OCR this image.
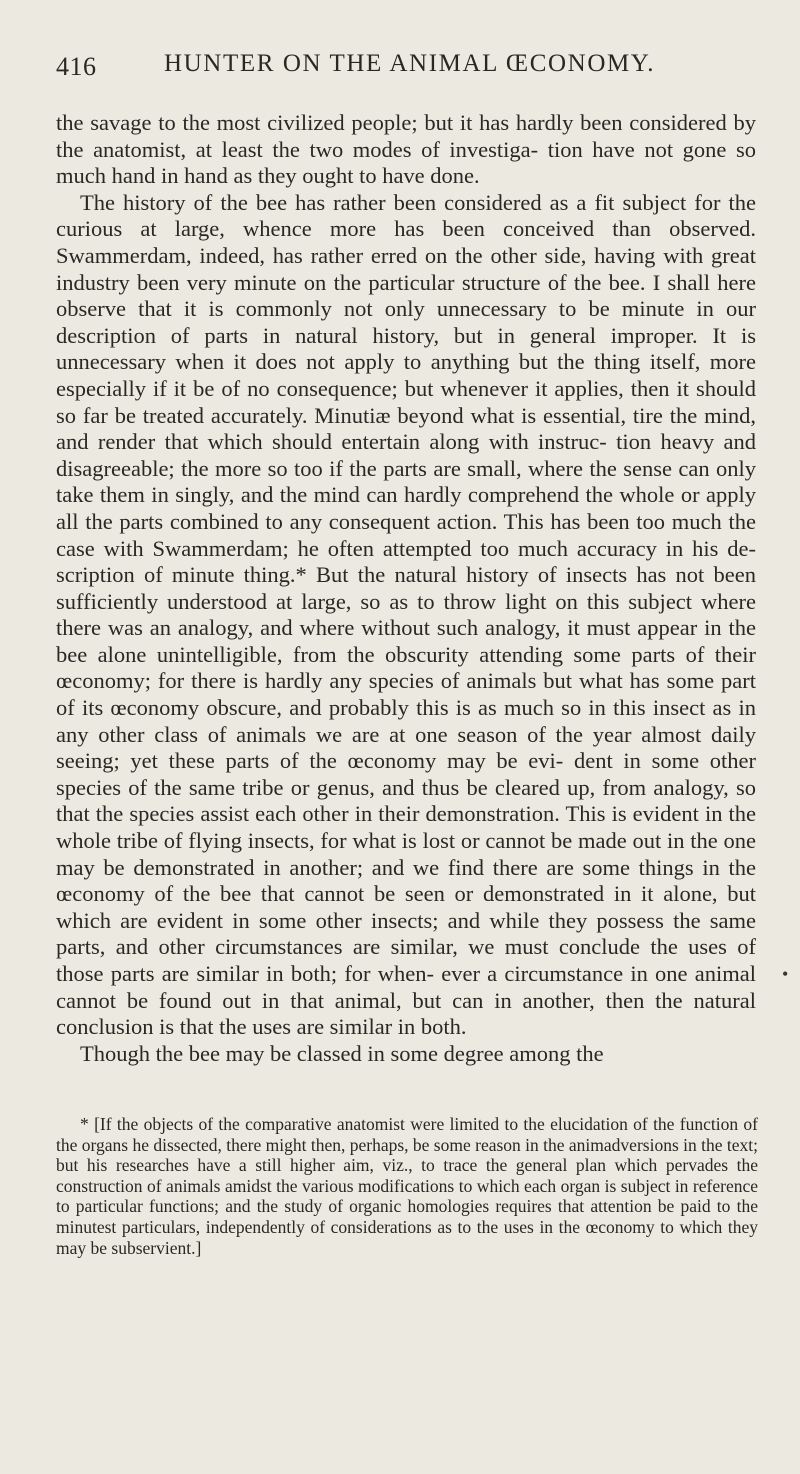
416	HUNTER ON THE ANIMAL ŒCONOMY.

the savage to the most civilized people; but it has hardly been considered by the anatomist, at least the two modes of investiga- tion have not gone so much hand in hand as they ought to have done.

The history of the bee has rather been considered as a fit subject for the curious at large, whence more has been conceived than observed. Swammerdam, indeed, has rather erred on the other side, having with great industry been very minute on the particular structure of the bee. I shall here observe that it is commonly not only unnecessary to be minute in our description of parts in natural history, but in general improper. It is unnecessary when it does not apply to anything but the thing itself, more especially if it be of no consequence; but whenever it applies, then it should so far be treated accurately. Minutiæ beyond what is essential, tire the mind, and render that which should entertain along with instruc- tion heavy and disagreeable; the more so too if the parts are small, where the sense can only take them in singly, and the mind can hardly comprehend the whole or apply all the parts combined to any consequent action. This has been too much the case with Swammerdam; he often attempted too much accuracy in his de- scription of minute thing.* But the natural history of insects has not been sufficiently understood at large, so as to throw light on this subject where there was an analogy, and where without such analogy, it must appear in the bee alone unintelligible, from the obscurity attending some parts of their œconomy; for there is hardly any species of animals but what has some part of its œconomy obscure, and probably this is as much so in this insect as in any other class of animals we are at one season of the year almost daily seeing; yet these parts of the œconomy may be evi- dent in some other species of the same tribe or genus, and thus be cleared up, from analogy, so that the species assist each other in their demonstration. This is evident in the whole tribe of flying insects, for what is lost or cannot be made out in the one may be demonstrated in another; and we find there are some things in the œconomy of the bee that cannot be seen or demonstrated in it alone, but which are evident in some other insects; and while they possess the same parts, and other circumstances are similar, we must conclude the uses of those parts are similar in both; for when- ever a circumstance in one animal cannot be found out in that animal, but can in another, then the natural conclusion is that the uses are similar in both.

Though the bee may be classed in some degree among the

* [If the objects of the comparative anatomist were limited to the elucidation of the function of the organs he dissected, there might then, perhaps, be some reason in the animadversions in the text; but his researches have a still higher aim, viz., to trace the general plan which pervades the construction of animals amidst the various modifications to which each organ is subject in reference to particular functions; and the study of organic homologies requires that attention be paid to the minutest particulars, independently of considerations as to the uses in the œconomy to which they may be subservient.]

•
